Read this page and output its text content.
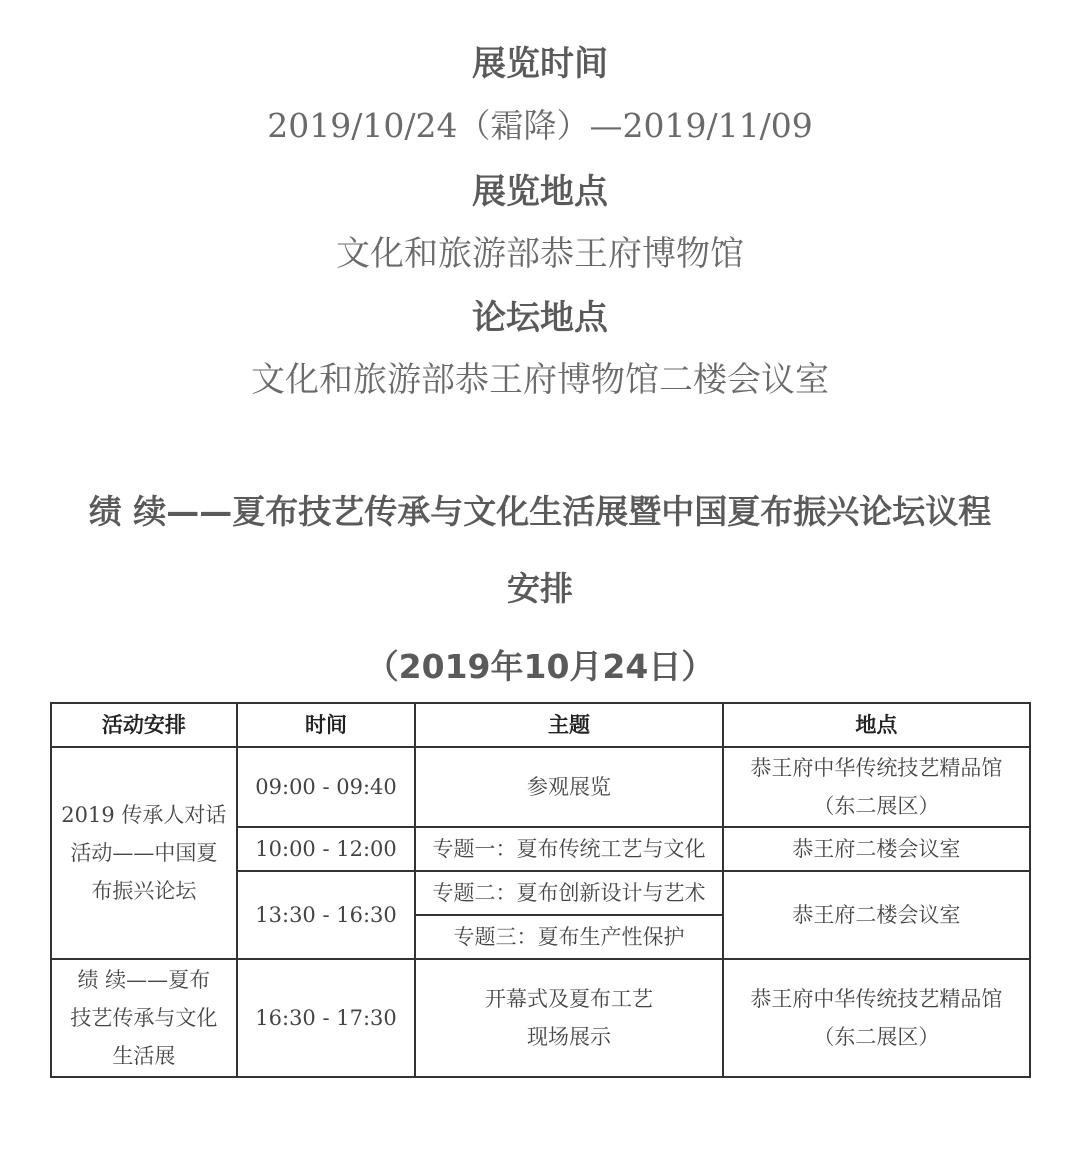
展览时间
2019/10/24（霜降）—2019/11/09
展览地点
文化和旅游部恭王府博物馆
论坛地点
文化和旅游部恭王府博物馆二楼会议室
绩 续——夏布技艺传承与文化生活展暨中国夏布振兴论坛议程
安排
（2019年10月24日）
活动安排	时间	主题	地点

2019 传承人对话
活动——中国夏
布振兴论坛	09:00 - 09:40	参观展览	恭王府中华传统技艺精品馆
（东二展区）

	10:00 - 12:00	专题一：夏布传统工艺与文化	恭王府二楼会议室
	13:30 - 16:30	专题二：夏布创新设计与艺术	恭王府二楼会议室
		专题三：夏布生产性保护	

绩 续——夏布
技艺传承与文化
生活展	16:30 - 17:30	开幕式及夏布工艺
现场展示	恭王府中华传统技艺精品馆
（东二展区）
